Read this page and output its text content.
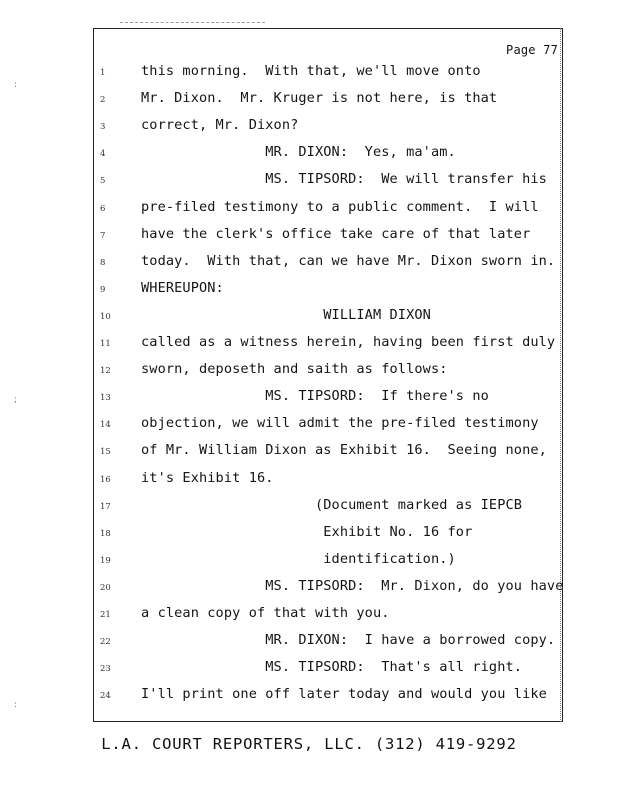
:
;
:
Page 77
1	this morning.  With that, we'll move onto
2	Mr. Dixon.  Mr. Kruger is not here, is that
3	correct, Mr. Dixon?
4	MR. DIXON:  Yes, ma'am.
5	MS. TIPSORD:  We will transfer his
6	pre-filed testimony to a public comment.  I will
7	have the clerk's office take care of that later
8	today.  With that, can we have Mr. Dixon sworn in.
9	WHEREUPON:
10	WILLIAM DIXON
11	called as a witness herein, having been first duly
12	sworn, deposeth and saith as follows:
13	MS. TIPSORD:  If there's no
14	objection, we will admit the pre-filed testimony
15	of Mr. William Dixon as Exhibit 16.  Seeing none,
16	it's Exhibit 16.
17	(Document marked as IEPCB
18	Exhibit No. 16 for
19	identification.)
20	MS. TIPSORD:  Mr. Dixon, do you have
21	a clean copy of that with you.
22	MR. DIXON:  I have a borrowed copy.
23	MS. TIPSORD:  That's all right.
24	I'll print one off later today and would you like
L.A. COURT REPORTERS, LLC. (312) 419-9292
